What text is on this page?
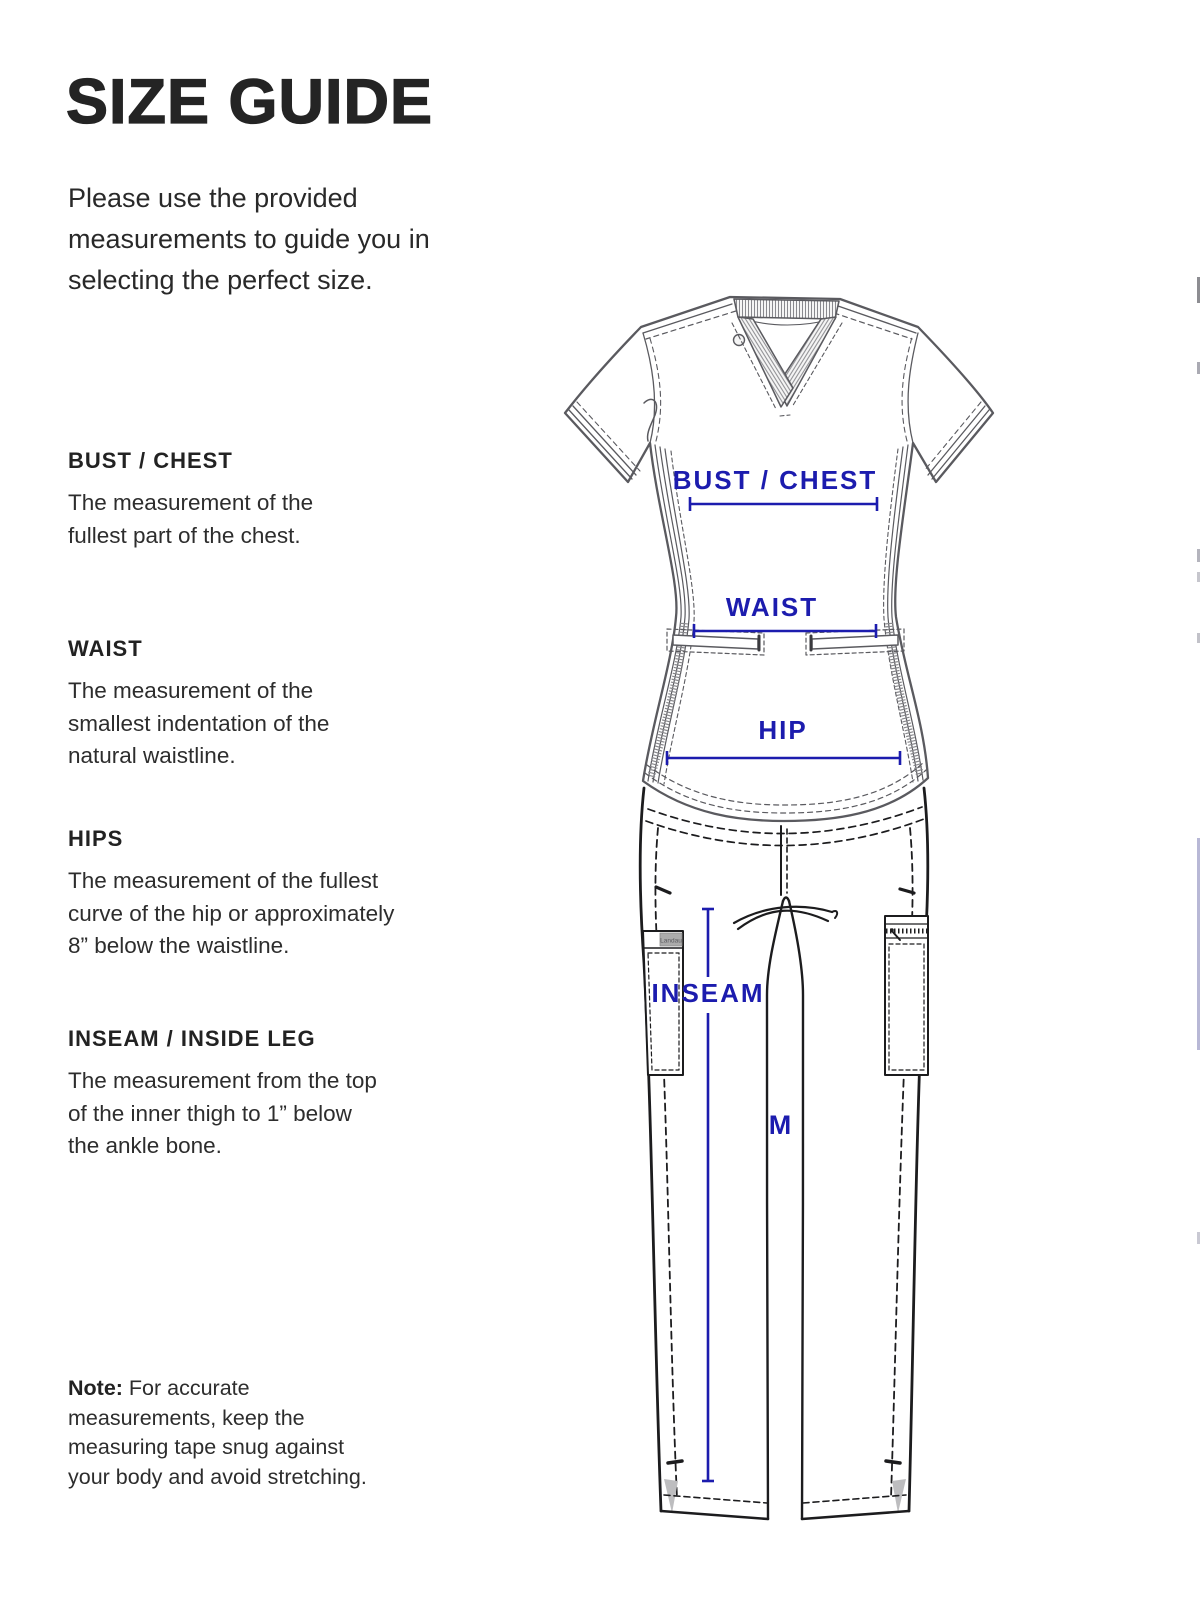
SIZE GUIDE
Please use the provided
measurements to guide you in
selecting the perfect size.
BUST / CHEST
The measurement of the
fullest part of the chest.
WAIST
The measurement of the
smallest indentation of the
natural waistline.
HIPS
The measurement of the fullest
curve of the hip or approximately
8” below the waistline.
INSEAM / INSIDE LEG
The measurement from the top
of the inner thigh to 1” below
the ankle bone.
Note: For accurate
measurements, keep the
measuring tape snug against
your body and avoid stretching.
Landau
BUST / CHEST
WAIST
HIP
INSEAM
M
